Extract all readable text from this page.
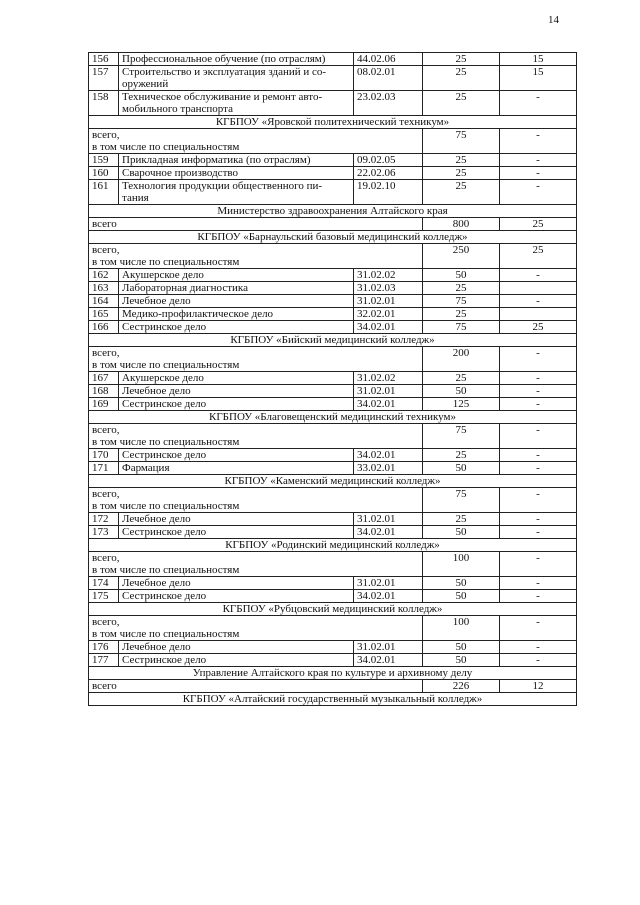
14
156	Профессиональное обучение (по отраслям)	44.02.06	25	15
157	Строительство и эксплуатация зданий и со-
оружений	08.02.01	25	15
158	Техническое обслуживание и ремонт авто-
мобильного транспорта	23.02.03	25	-
КГБПОУ «Яровской политехнический техникум»				
всего,
в том числе по специальностям			75	-
159	Прикладная информатика (по отраслям)	09.02.05	25	-
160	Сварочное производство	22.02.06	25	-
161	Технология продукции общественного пи-
тания	19.02.10	25	-
Министерство здравоохранения Алтайского края				
всего			800	25
КГБПОУ «Барнаульский базовый медицинский колледж»				
всего,
в том числе по специальностям			250	25
162	Акушерское дело	31.02.02	50	-
163	Лабораторная диагностика	31.02.03	25	
164	Лечебное дело	31.02.01	75	-
165	Медико-профилактическое дело	32.02.01	25	
166	Сестринское дело	34.02.01	75	25
КГБПОУ «Бийский медицинский колледж»				
всего,
в том числе по специальностям			200	-
167	Акушерское дело	31.02.02	25	-
168	Лечебное дело	31.02.01	50	-
169	Сестринское дело	34.02.01	125	-
КГБПОУ «Благовещенский медицинский техникум»				
всего,
в том числе по специальностям			75	-
170	Сестринское дело	34.02.01	25	-
171	Фармация	33.02.01	50	-
КГБПОУ «Каменский медицинский колледж»				
всего,
в том числе по специальностям			75	-
172	Лечебное дело	31.02.01	25	-
173	Сестринское дело	34.02.01	50	-
КГБПОУ «Родинский медицинский колледж»				
всего,
в том числе по специальностям			100	-
174	Лечебное дело	31.02.01	50	-
175	Сестринское дело	34.02.01	50	-
КГБПОУ «Рубцовский медицинский колледж»				
всего,
в том числе по специальностям			100	-
176	Лечебное дело	31.02.01	50	-
177	Сестринское дело	34.02.01	50	-
Управление Алтайского края по культуре и архивному делу				
всего			226	12
КГБПОУ «Алтайский государственный музыкальный колледж»				
